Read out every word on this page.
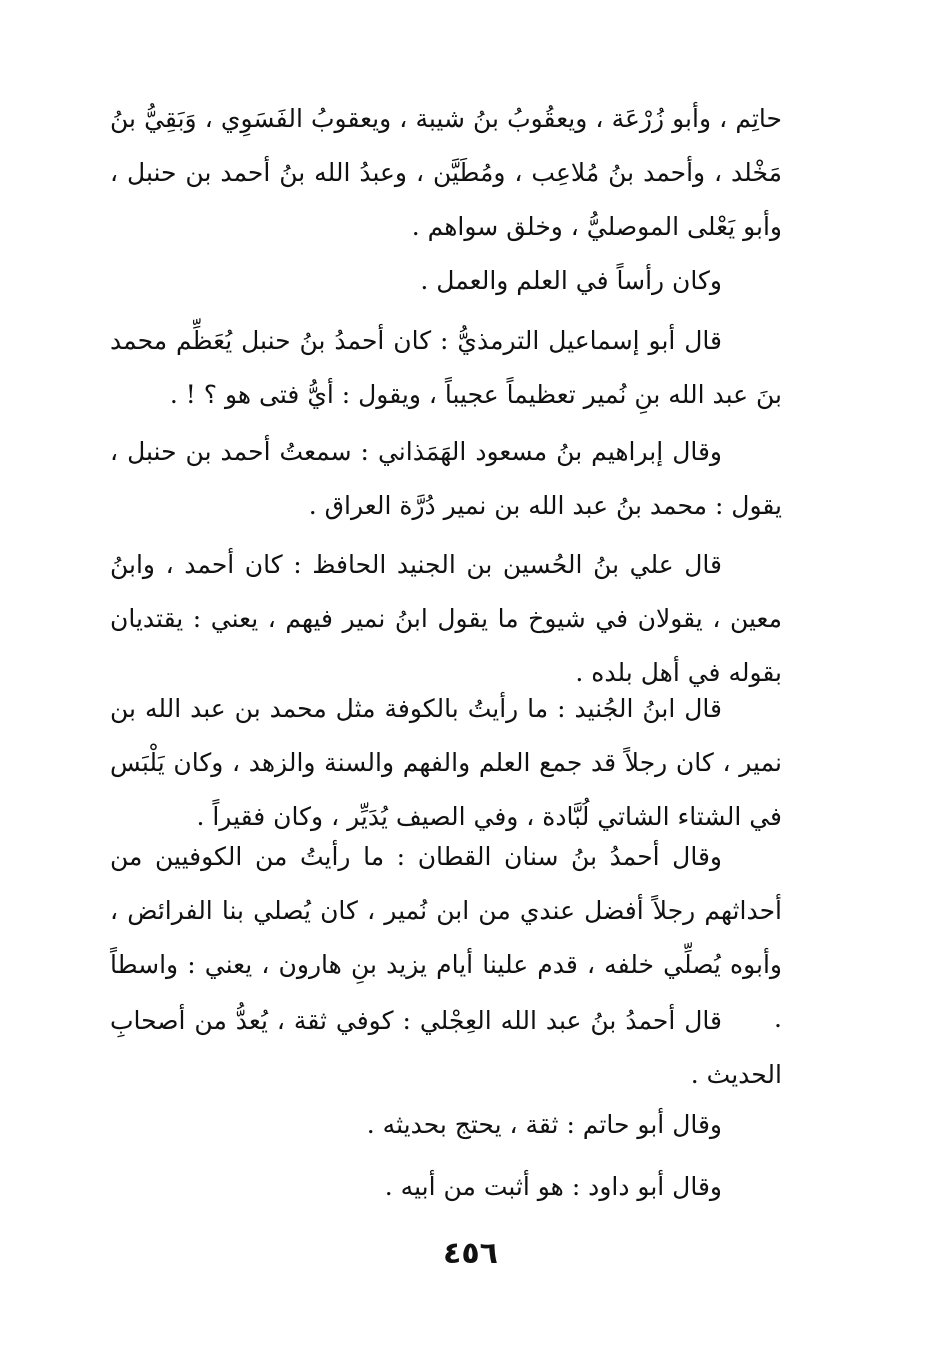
حاتِم ، وأبو زُرْعَة ، ويعقُوبُ بنُ شيبة ، ويعقوبُ الفَسَوِي ، وَبَقِيُّ بنُ مَخْلد ، وأحمد بنُ مُلاعِب ، ومُطَيَّن ، وعبدُ الله بنُ أحمد بن حنبل ، وأبو يَعْلى الموصليُّ ، وخلق سواهم .

وكان رأساً في العلم والعمل .

قال أبو إسماعيل الترمذيُّ : كان أحمدُ بنُ حنبل يُعَظِّم محمد بنَ عبد الله بنِ نُمير تعظيماً عجيباً ، ويقول : أيُّ فتى هو ؟ ! .

وقال إبراهيم بنُ مسعود الهَمَذاني : سمعتُ أحمد بن حنبل ، يقول : محمد بنُ عبد الله بن نمير دُرَّة العراق .

قال علي بنُ الحُسين بن الجنيد الحافظ : كان أحمد ، وابنُ معين ، يقولان في شيوخ ما يقول ابنُ نمير فيهم ، يعني : يقتديان بقوله في أهل بلده .

قال ابنُ الجُنيد : ما رأيتُ بالكوفة مثل محمد بن عبد الله بن نمير ، كان رجلاً قد جمع العلم والفهم والسنة والزهد ، وكان يَلْبَس في الشتاء الشاتي لُبَّادة ، وفي الصيف يُدَيِّر ، وكان فقيراً .

وقال أحمدُ بنُ سنان القطان : ما رأيتُ من الكوفيين من أحداثهم رجلاً أفضل عندي من ابن نُمير ، كان يُصلي بنا الفرائض ، وأبوه يُصلِّي خلفه ، قدم علينا أيام يزيد بنِ هارون ، يعني : واسطاً .

قال أحمدُ بنُ عبد الله العِجْلي : كوفي ثقة ، يُعدُّ من أصحابِ الحديث .

وقال أبو حاتم : ثقة ، يحتج بحديثه .

وقال أبو داود : هو أثبت من أبيه .

٤٥٦
